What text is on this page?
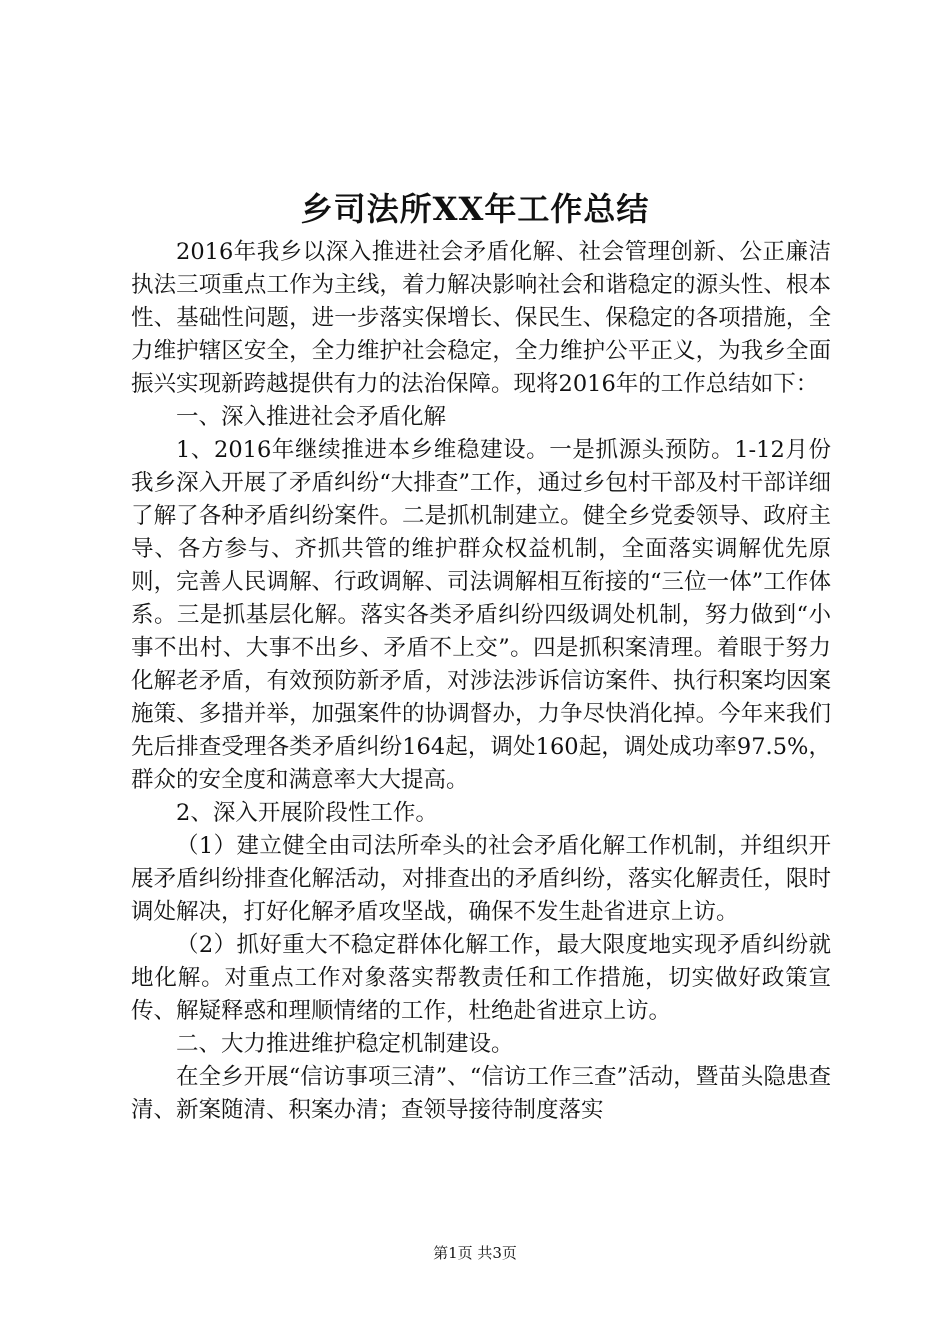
乡司法所XX年工作总结

2016年我乡以深入推进社会矛盾化解、社会管理创新、公正廉洁执法三项重点工作为主线，着力解决影响社会和谐稳定的源头性、根本性、基础性问题，进一步落实保增长、保民生、保稳定的各项措施，全力维护辖区安全，全力维护社会稳定，全力维护公平正义，为我乡全面振兴实现新跨越提供有力的法治保障。现将2016年的工作总结如下：

一、深入推进社会矛盾化解

1、2016年继续推进本乡维稳建设。一是抓源头预防。1-12月份我乡深入开展了矛盾纠纷“大排查”工作，通过乡包村干部及村干部详细了解了各种矛盾纠纷案件。二是抓机制建立。健全乡党委领导、政府主导、各方参与、齐抓共管的维护群众权益机制，全面落实调解优先原则，完善人民调解、行政调解、司法调解相互衔接的“三位一体”工作体系。三是抓基层化解。落实各类矛盾纠纷四级调处机制，努力做到“小事不出村、大事不出乡、矛盾不上交”。四是抓积案清理。着眼于努力化解老矛盾，有效预防新矛盾，对涉法涉诉信访案件、执行积案均因案施策、多措并举，加强案件的协调督办，力争尽快消化掉。今年来我们先后排查受理各类矛盾纠纷164起，调处160起，调处成功率97.5%，群众的安全度和满意率大大提高。

2、深入开展阶段性工作。

（1）建立健全由司法所牵头的社会矛盾化解工作机制，并组织开展矛盾纠纷排查化解活动，对排查出的矛盾纠纷，落实化解责任，限时调处解决，打好化解矛盾攻坚战，确保不发生赴省进京上访。

（2）抓好重大不稳定群体化解工作，最大限度地实现矛盾纠纷就地化解。对重点工作对象落实帮教责任和工作措施，切实做好政策宣传、解疑释惑和理顺情绪的工作，杜绝赴省进京上访。

二、大力推进维护稳定机制建设。

在全乡开展“信访事项三清”、“信访工作三查”活动，暨苗头隐患查清、新案随清、积案办清；查领导接待制度落实

第1页 共3页
